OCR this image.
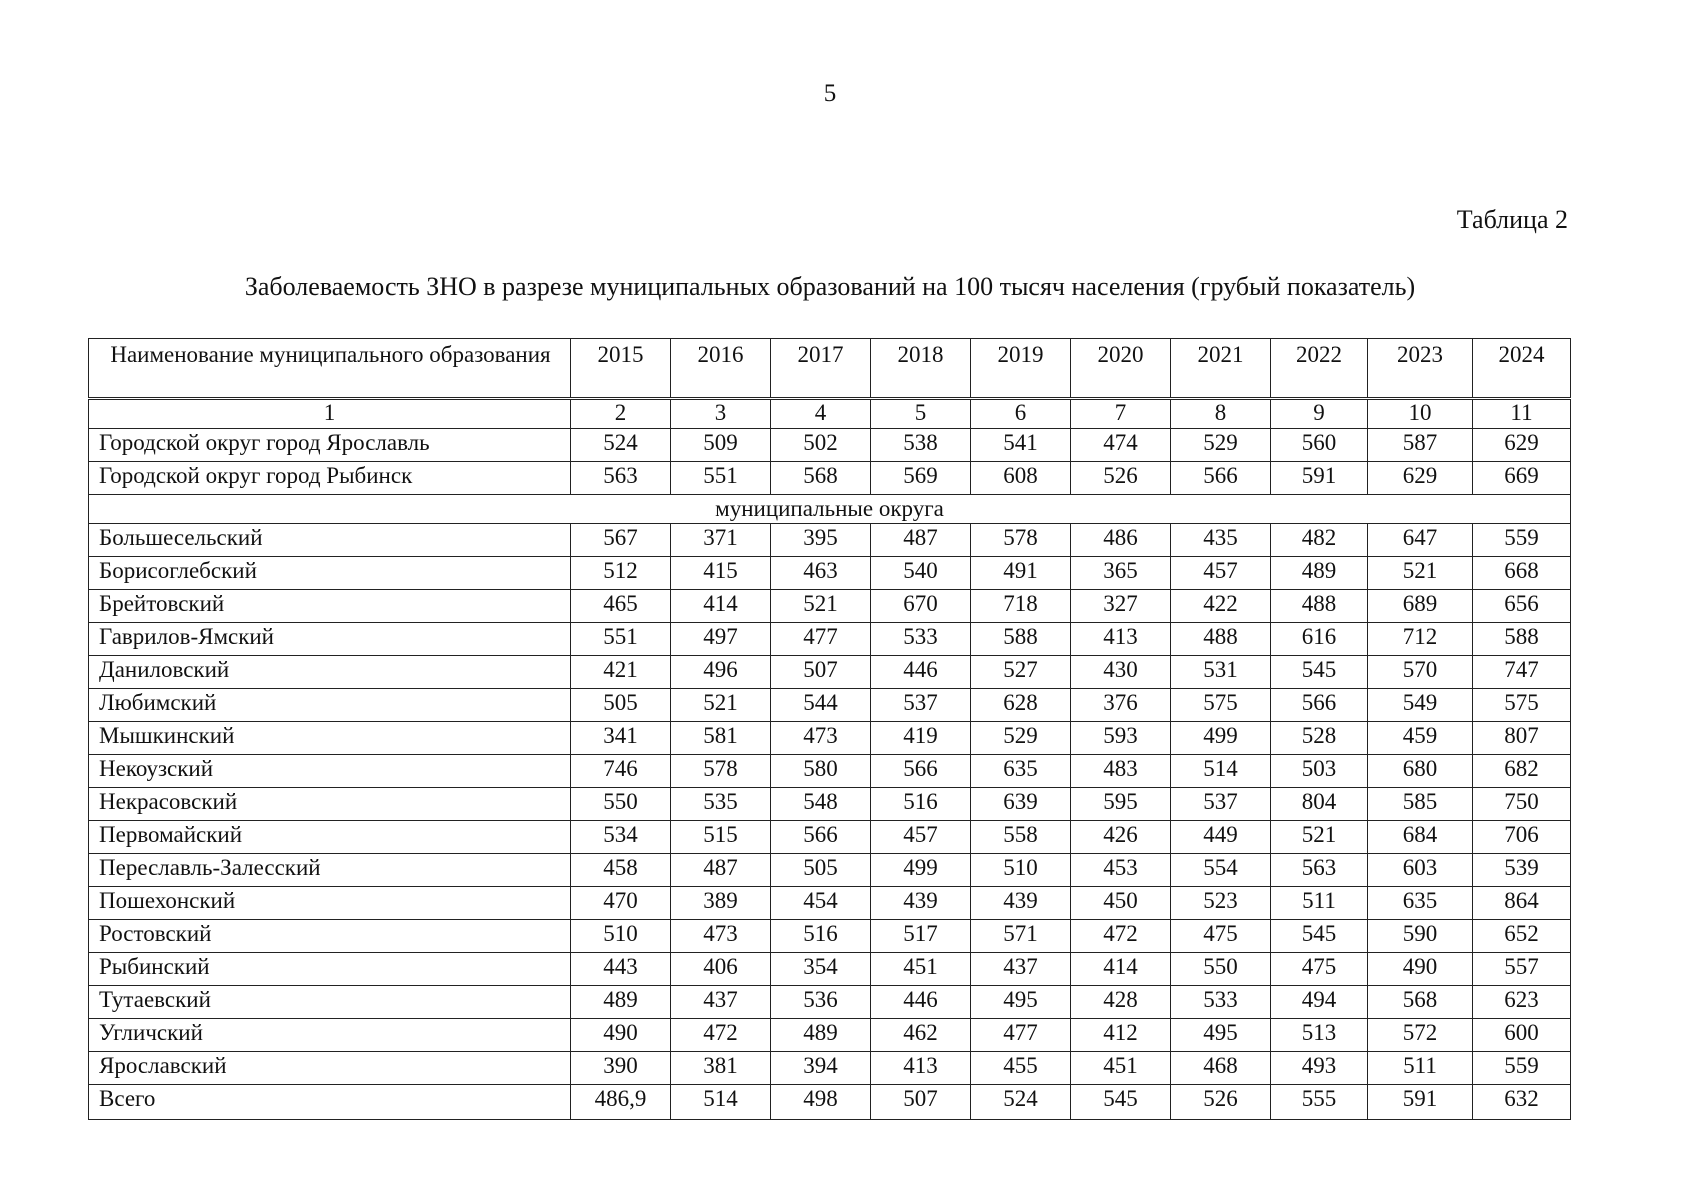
5
Таблица 2
Заболеваемость ЗНО в разрезе муниципальных образований на 100 тысяч населения (грубый показатель)
Наименование муниципального образования	2015	2016	2017	2018	2019	2020	2021	2022	2023	2024
1	2	3	4	5	6	7	8	9	10	11
Городской округ город Ярославль	524	509	502	538	541	474	529	560	587	629
Городской округ город Рыбинск	563	551	568	569	608	526	566	591	629	669
муниципальные округа										
Большесельский	567	371	395	487	578	486	435	482	647	559
Борисоглебский	512	415	463	540	491	365	457	489	521	668
Брейтовский	465	414	521	670	718	327	422	488	689	656
Гаврилов-Ямский	551	497	477	533	588	413	488	616	712	588
Даниловский	421	496	507	446	527	430	531	545	570	747
Любимский	505	521	544	537	628	376	575	566	549	575
Мышкинский	341	581	473	419	529	593	499	528	459	807
Некоузский	746	578	580	566	635	483	514	503	680	682
Некрасовский	550	535	548	516	639	595	537	804	585	750
Первомайский	534	515	566	457	558	426	449	521	684	706
Переславль-Залесский	458	487	505	499	510	453	554	563	603	539
Пошехонский	470	389	454	439	439	450	523	511	635	864
Ростовский	510	473	516	517	571	472	475	545	590	652
Рыбинский	443	406	354	451	437	414	550	475	490	557
Тутаевский	489	437	536	446	495	428	533	494	568	623
Угличский	490	472	489	462	477	412	495	513	572	600
Ярославский	390	381	394	413	455	451	468	493	511	559
Всего	486,9	514	498	507	524	545	526	555	591	632
